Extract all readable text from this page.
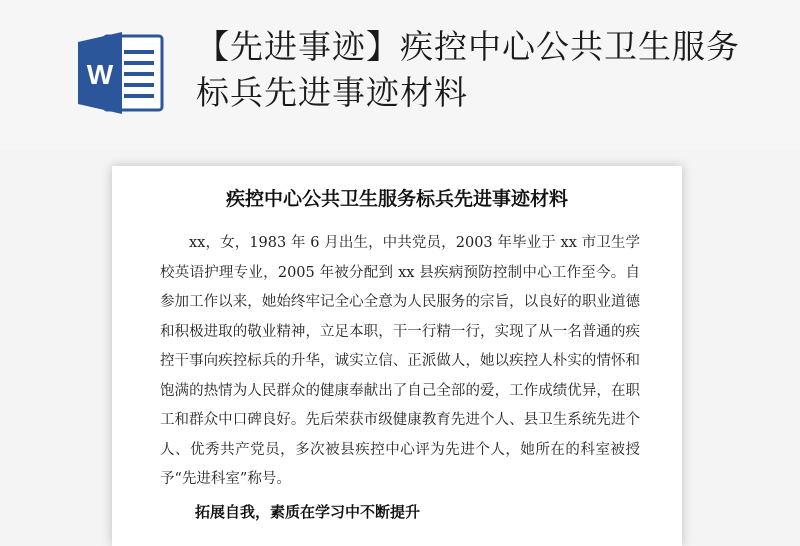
W
【先进事迹】疾控中心公共卫生服务标兵先进事迹材料
疾控中心公共卫生服务标兵先进事迹材料
xx，女，1983 年 6 月出生，中共党员，2003 年毕业于 xx 市卫生学校英语护理专业，2005 年被分配到 xx 县疾病预防控制中心工作至今。自参加工作以来，她始终牢记全心全意为人民服务的宗旨，以良好的职业道德和积极进取的敬业精神，立足本职，干一行精一行，实现了从一名普通的疾控干事向疾控标兵的升华，诚实立信、正派做人，她以疾控人朴实的情怀和饱满的热情为人民群众的健康奉献出了自己全部的爱，工作成绩优异，在职工和群众中口碑良好。先后荣获市级健康教育先进个人、县卫生系统先进个人、优秀共产党员，多次被县疾控中心评为先进个人，她所在的科室被授予“先进科室”称号。
拓展自我，素质在学习中不断提升
